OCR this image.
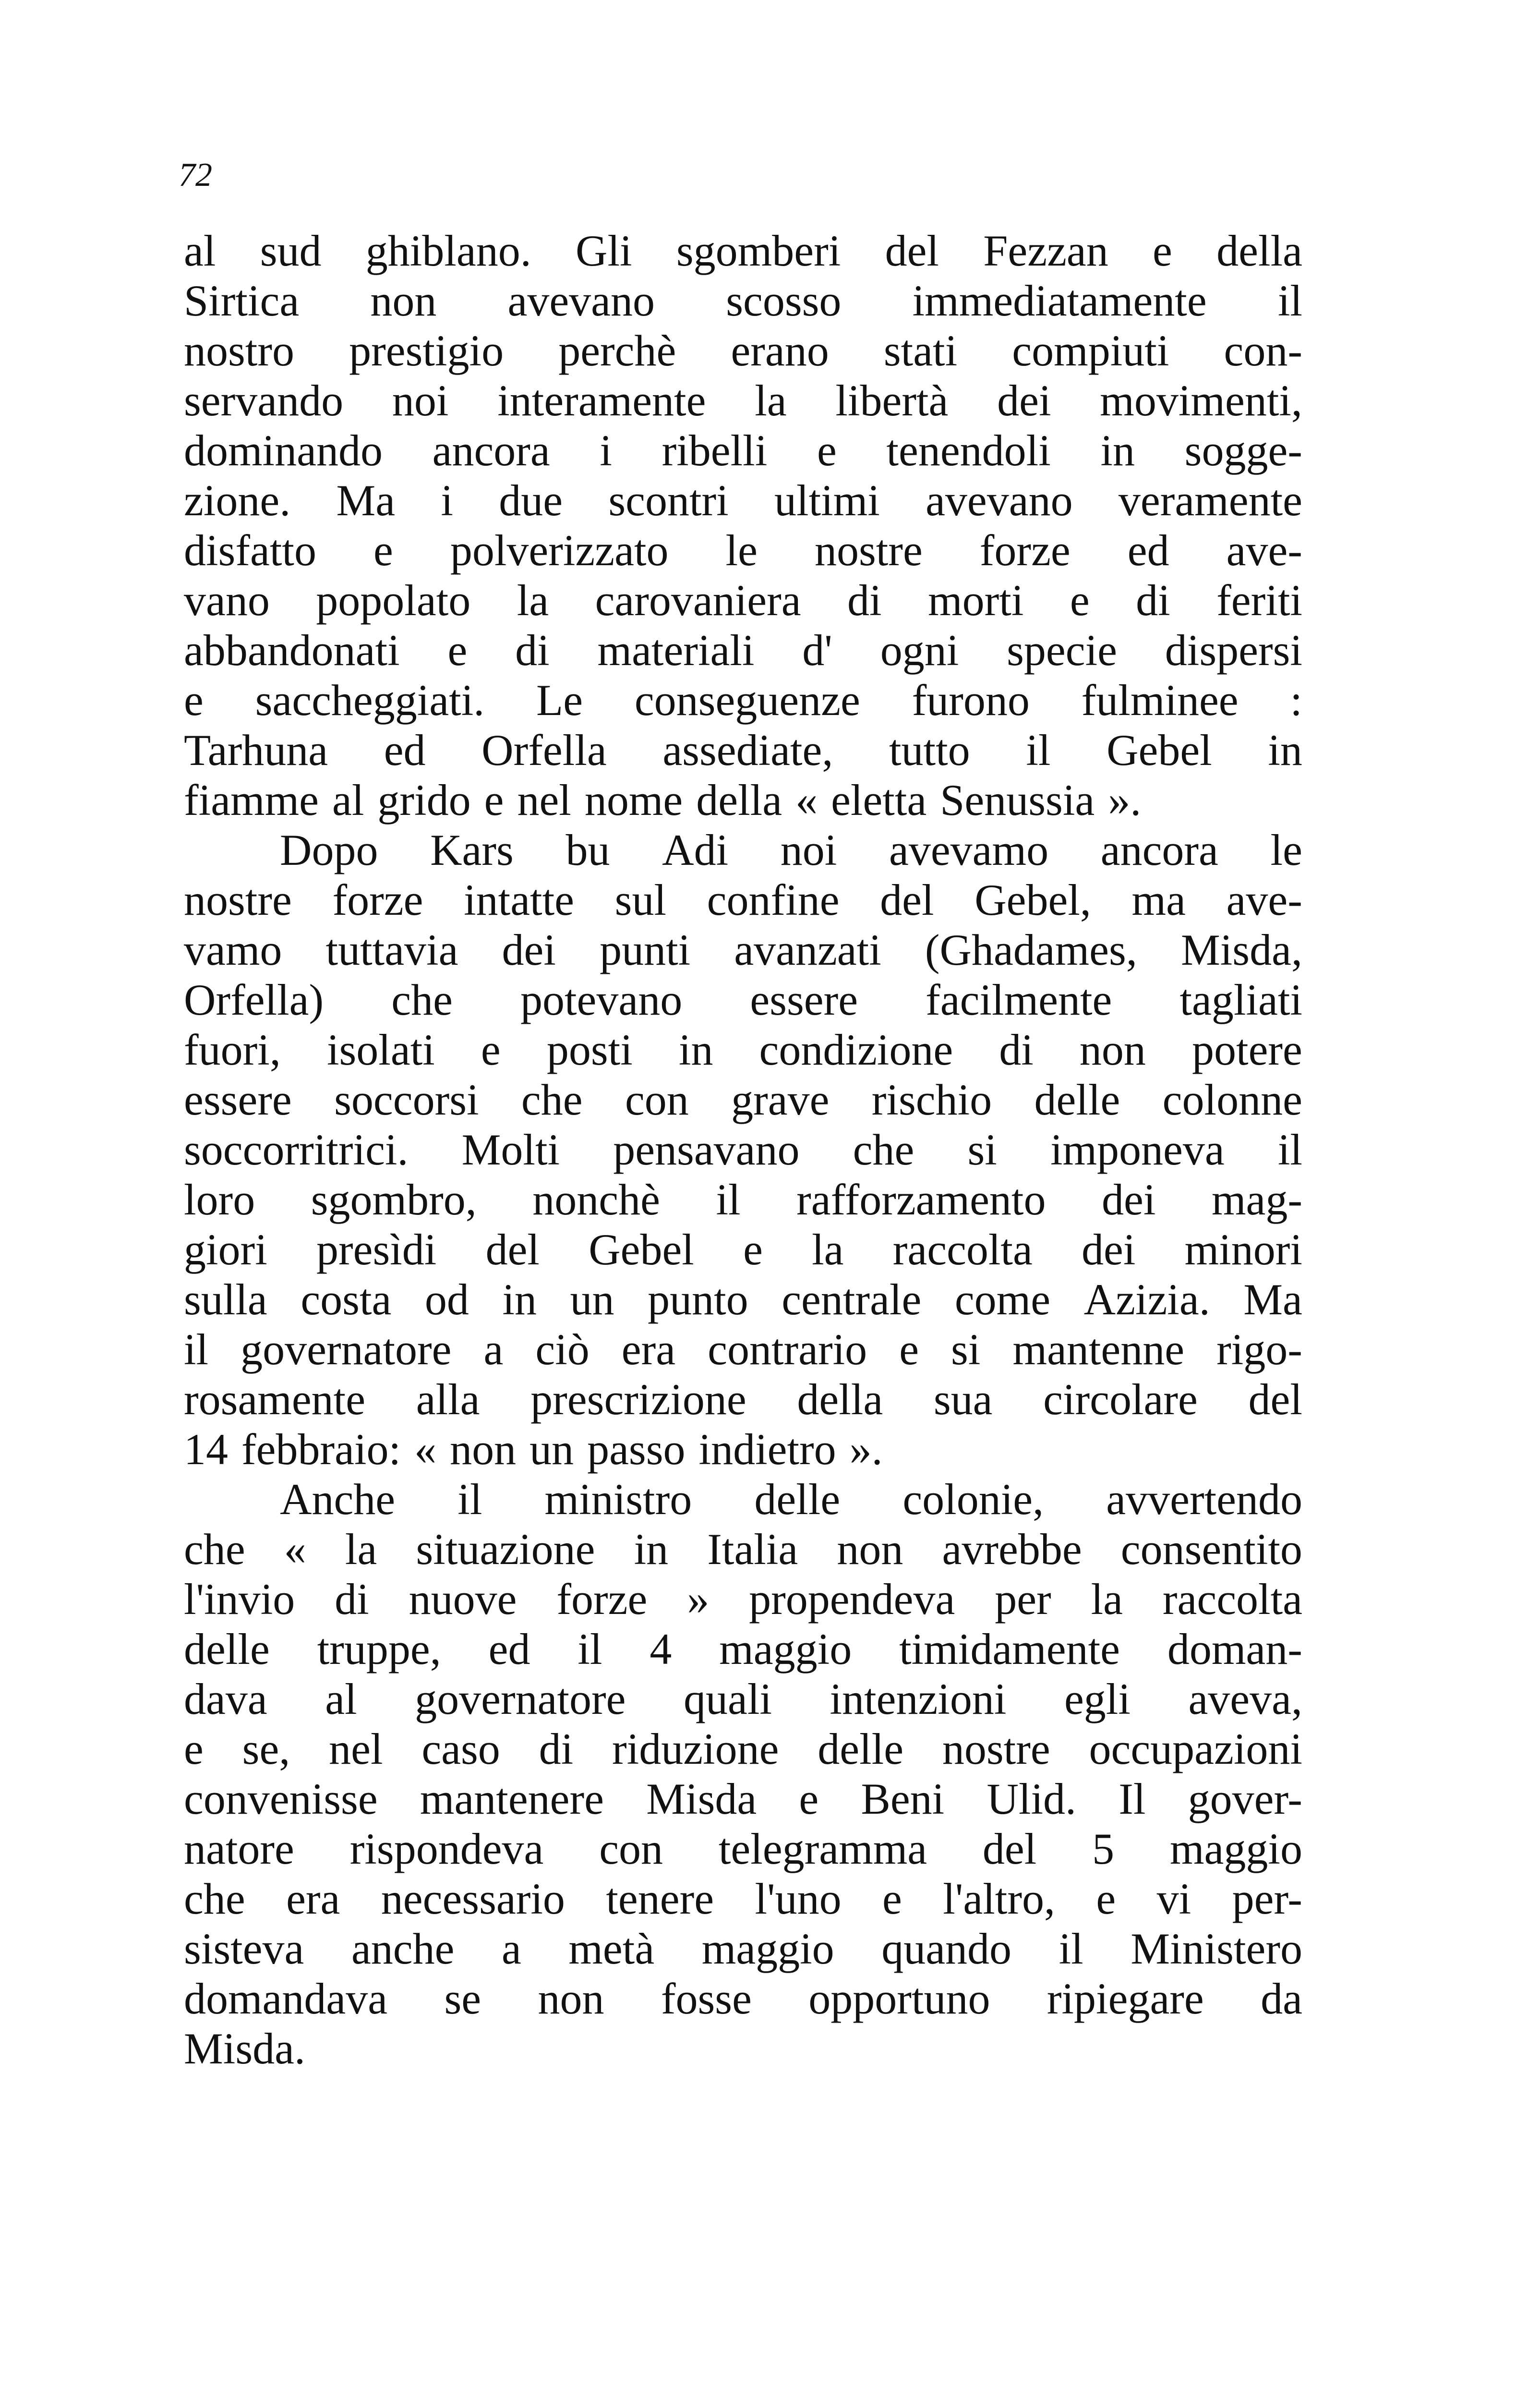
72
al sud ghiblano. Gli sgomberi del Fezzan e della
Sirtica non avevano scosso immediatamente il
nostro prestigio perchè erano stati compiuti con-
servando noi interamente la libertà dei movimenti,
dominando ancora i ribelli e tenendoli in sogge-
zione. Ma i due scontri ultimi avevano veramente
disfatto e polverizzato le nostre forze ed ave-
vano popolato la carovaniera di morti e di feriti
abbandonati e di materiali d' ogni specie dispersi
e saccheggiati. Le conseguenze furono fulminee :
Tarhuna ed Orfella assediate, tutto il Gebel in
fiamme al grido e nel nome della « eletta Senussia ».
Dopo Kars bu Adi noi avevamo ancora le
nostre forze intatte sul confine del Gebel, ma ave-
vamo tuttavia dei punti avanzati (Ghadames, Misda,
Orfella) che potevano essere facilmente tagliati
fuori, isolati e posti in condizione di non potere
essere soccorsi che con grave rischio delle colonne
soccorritrici. Molti pensavano che si imponeva il
loro sgombro, nonchè il rafforzamento dei mag-
giori presìdi del Gebel e la raccolta dei minori
sulla costa od in un punto centrale come Azizia. Ma
il governatore a ciò era contrario e si mantenne rigo-
rosamente alla prescrizione della sua circolare del
14 febbraio: « non un passo indietro ».
Anche il ministro delle colonie, avvertendo
che « la situazione in Italia non avrebbe consentito
l'invio di nuove forze » propendeva per la raccolta
delle truppe, ed il 4 maggio timidamente doman-
dava al governatore quali intenzioni egli aveva,
e se, nel caso di riduzione delle nostre occupazioni
convenisse mantenere Misda e Beni Ulid. Il gover-
natore rispondeva con telegramma del 5 maggio
che era necessario tenere l'uno e l'altro, e vi per-
sisteva anche a metà maggio quando il Ministero
domandava se non fosse opportuno ripiegare da
Misda.
